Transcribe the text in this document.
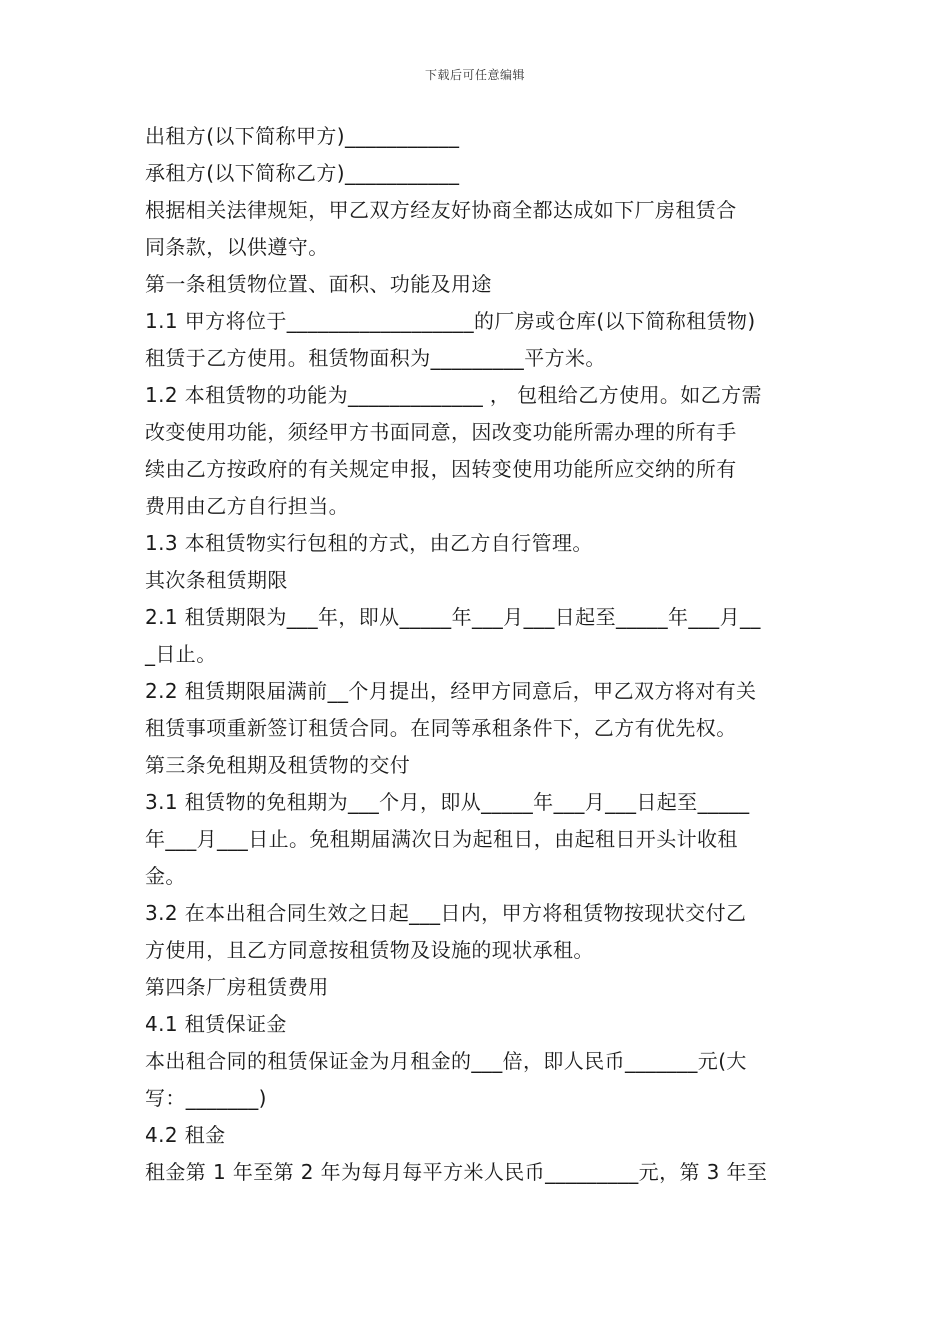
下载后可任意编辑
出租方(以下简称甲方)___________
承租方(以下简称乙方)___________
根据相关法律规矩，甲乙双方经友好协商全都达成如下厂房租赁合
同条款，以供遵守。
第一条租赁物位置、面积、功能及用途
1.1 甲方将位于__________________的厂房或仓库(以下简称租赁物)
租赁于乙方使用。租赁物面积为_________平方米。
1.2 本租赁物的功能为_____________ ， 包租给乙方使用。如乙方需
改变使用功能，须经甲方书面同意，因改变功能所需办理的所有手
续由乙方按政府的有关规定申报，因转变使用功能所应交纳的所有
费用由乙方自行担当。
1.3 本租赁物实行包租的方式，由乙方自行管理。
其次条租赁期限
2.1 租赁期限为___年，即从_____年___月___日起至_____年___月__
_日止。
2.2 租赁期限届满前__个月提出，经甲方同意后，甲乙双方将对有关
租赁事项重新签订租赁合同。在同等承租条件下，乙方有优先权。
第三条免租期及租赁物的交付
3.1 租赁物的免租期为___个月，即从_____年___月___日起至_____
年___月___日止。免租期届满次日为起租日，由起租日开头计收租
金。
3.2 在本出租合同生效之日起___日内，甲方将租赁物按现状交付乙
方使用，且乙方同意按租赁物及设施的现状承租。
第四条厂房租赁费用
4.1 租赁保证金
本出租合同的租赁保证金为月租金的___倍，即人民币_______元(大
写：_______)
4.2 租金
租金第 1 年至第 2 年为每月每平方米人民币_________元，第 3 年至
